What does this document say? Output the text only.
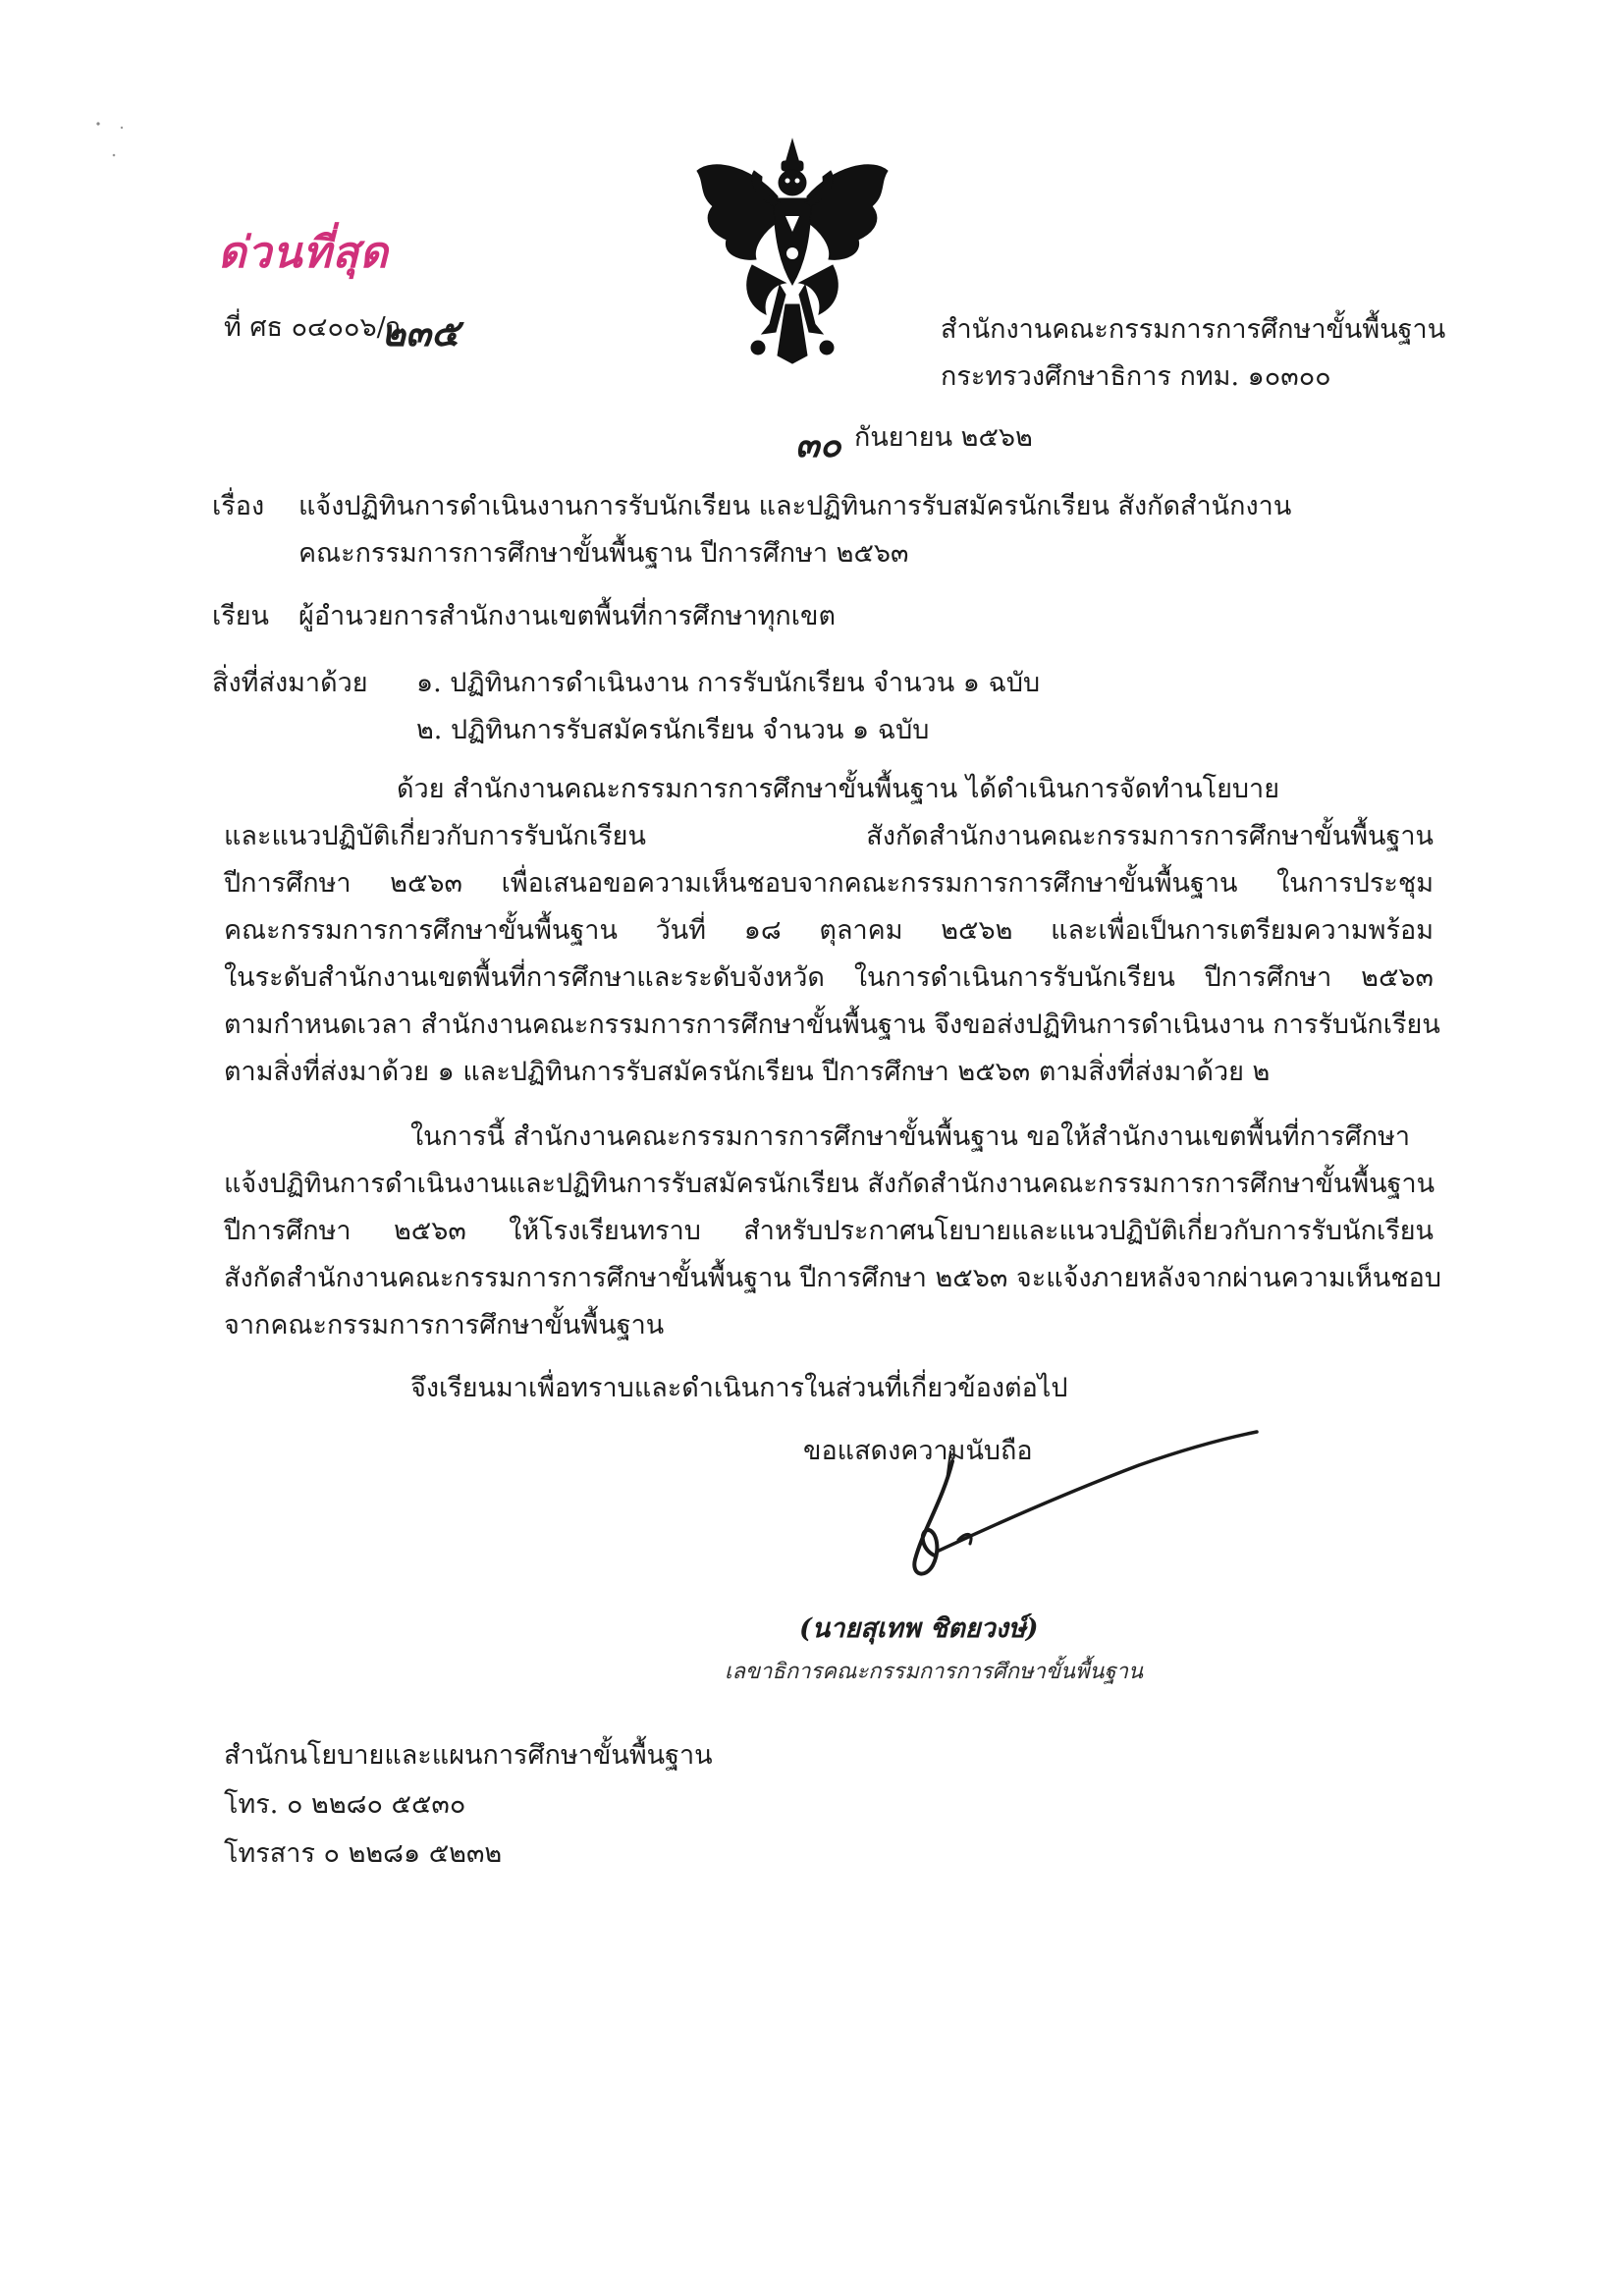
ด่วนที่สุด
ที่ ศธ ๐๔๐๐๖/ว
๒๓๕	สำนักงานคณะกรรมการการศึกษาขั้นพื้นฐาน
กระทรวงศึกษาธิการ กทม. ๑๐๓๐๐
๓๐ กันยายน ๒๕๖๒
เรื่อง แจ้งปฏิทินการดำเนินงานการรับนักเรียน และปฏิทินการรับสมัครนักเรียน สังกัดสำนักงาน
คณะกรรมการการศึกษาขั้นพื้นฐาน ปีการศึกษา ๒๕๖๓
เรียน ผู้อำนวยการสำนักงานเขตพื้นที่การศึกษาทุกเขต
สิ่งที่ส่งมาด้วย ๑. ปฏิทินการดำเนินงาน การรับนักเรียน จำนวน ๑ ฉบับ
๒. ปฏิทินการรับสมัครนักเรียน จำนวน ๑ ฉบับ
ด้วย สำนักงานคณะกรรมการการศึกษาขั้นพื้นฐาน ได้ดำเนินการจัดทำนโยบาย
และแนวปฏิบัติเกี่ยวกับการรับนักเรียน สังกัดสำนักงานคณะกรรมการการศึกษาขั้นพื้นฐาน
ปีการศึกษา ๒๕๖๓ เพื่อเสนอขอความเห็นชอบจากคณะกรรมการการศึกษาขั้นพื้นฐาน ในการประชุม
คณะกรรมการการศึกษาขั้นพื้นฐาน วันที่ ๑๘ ตุลาคม ๒๕๖๒ และเพื่อเป็นการเตรียมความพร้อม
ในระดับสำนักงานเขตพื้นที่การศึกษาและระดับจังหวัด ในการดำเนินการรับนักเรียน ปีการศึกษา ๒๕๖๓
ตามกำหนดเวลา สำนักงานคณะกรรมการการศึกษาขั้นพื้นฐาน จึงขอส่งปฏิทินการดำเนินงาน การรับนักเรียน
ตามสิ่งที่ส่งมาด้วย ๑ และปฏิทินการรับสมัครนักเรียน ปีการศึกษา ๒๕๖๓ ตามสิ่งที่ส่งมาด้วย ๒
ในการนี้ สำนักงานคณะกรรมการการศึกษาขั้นพื้นฐาน ขอให้สำนักงานเขตพื้นที่การศึกษา
แจ้งปฏิทินการดำเนินงานและปฏิทินการรับสมัครนักเรียน สังกัดสำนักงานคณะกรรมการการศึกษาขั้นพื้นฐาน
ปีการศึกษา ๒๕๖๓ ให้โรงเรียนทราบ สำหรับประกาศนโยบายและแนวปฏิบัติเกี่ยวกับการรับนักเรียน
สังกัดสำนักงานคณะกรรมการการศึกษาขั้นพื้นฐาน ปีการศึกษา ๒๕๖๓ จะแจ้งภายหลังจากผ่านความเห็นชอบ
จากคณะกรรมการการศึกษาขั้นพื้นฐาน
จึงเรียนมาเพื่อทราบและดำเนินการในส่วนที่เกี่ยวข้องต่อไป
ขอแสดงความนับถือ
(นายสุเทพ ชิตยวงษ์)
เลขาธิการคณะกรรมการการศึกษาขั้นพื้นฐาน
สำนักนโยบายและแผนการศึกษาขั้นพื้นฐาน
โทร. ๐ ๒๒๘๐ ๕๕๓๐
โทรสาร ๐ ๒๒๘๑ ๕๒๓๒
